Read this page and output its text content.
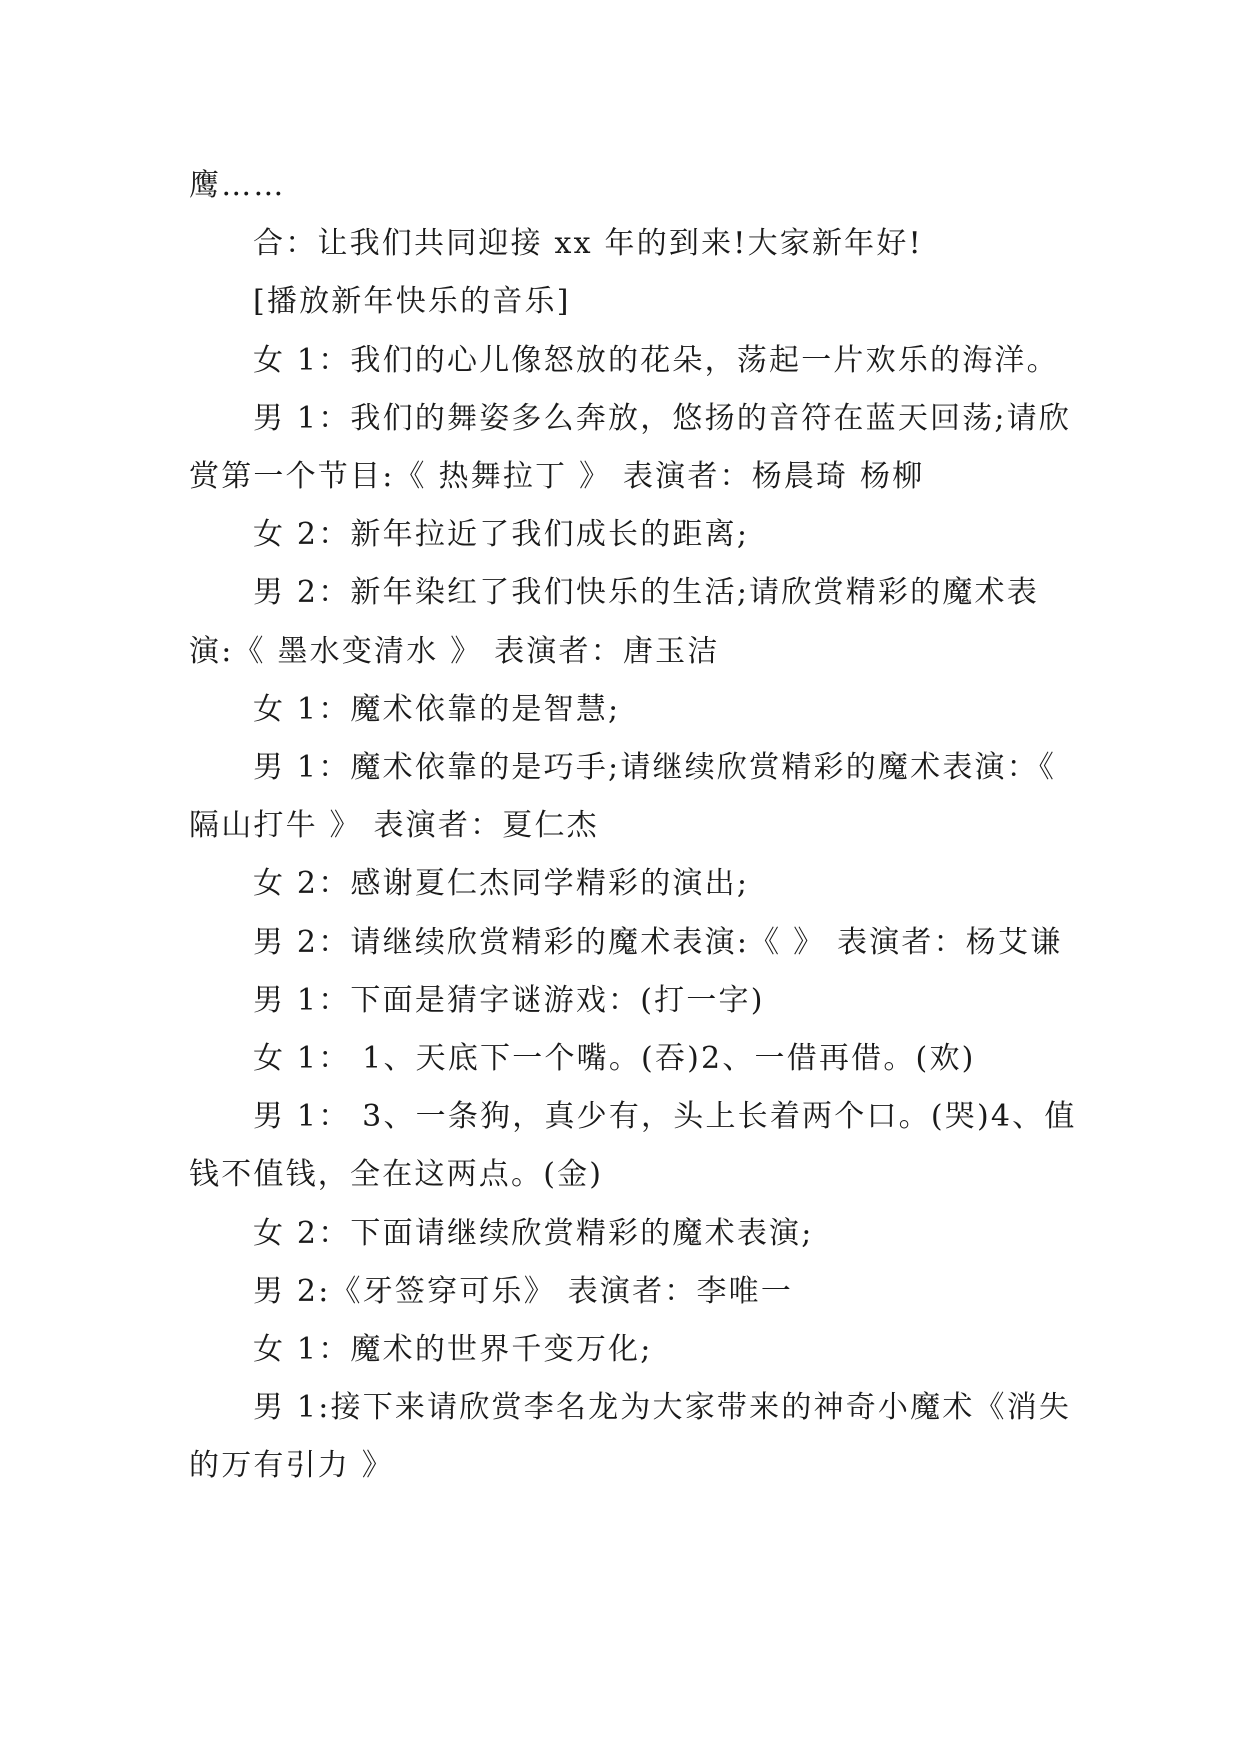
鹰……

合：让我们共同迎接 xx 年的到来!大家新年好!

[播放新年快乐的音乐]

女 1：我们的心儿像怒放的花朵，荡起一片欢乐的海洋。

男 1：我们的舞姿多么奔放，悠扬的音符在蓝天回荡;请欣赏第一个节目:《 热舞拉丁 》 表演者：杨晨琦 杨柳

女 2：新年拉近了我们成长的距离;

男 2：新年染红了我们快乐的生活;请欣赏精彩的魔术表演:《 墨水变清水 》 表演者：唐玉洁

女 1：魔术依靠的是智慧;

男 1：魔术依靠的是巧手;请继续欣赏精彩的魔术表演：《 隔山打牛 》 表演者：夏仁杰

女 2：感谢夏仁杰同学精彩的演出;

男 2：请继续欣赏精彩的魔术表演:《 》 表演者：杨艾谦

男 1：下面是猜字谜游戏：(打一字)

女 1： 1、天底下一个嘴。(吞)2、一借再借。(欢)

男 1： 3、一条狗，真少有，头上长着两个口。(哭)4、值钱不值钱，全在这两点。(金)

女 2：下面请继续欣赏精彩的魔术表演;

男 2:《牙签穿可乐》 表演者：李唯一

女 1：魔术的世界千变万化;

男 1:接下来请欣赏李名龙为大家带来的神奇小魔术《消失的万有引力 》
